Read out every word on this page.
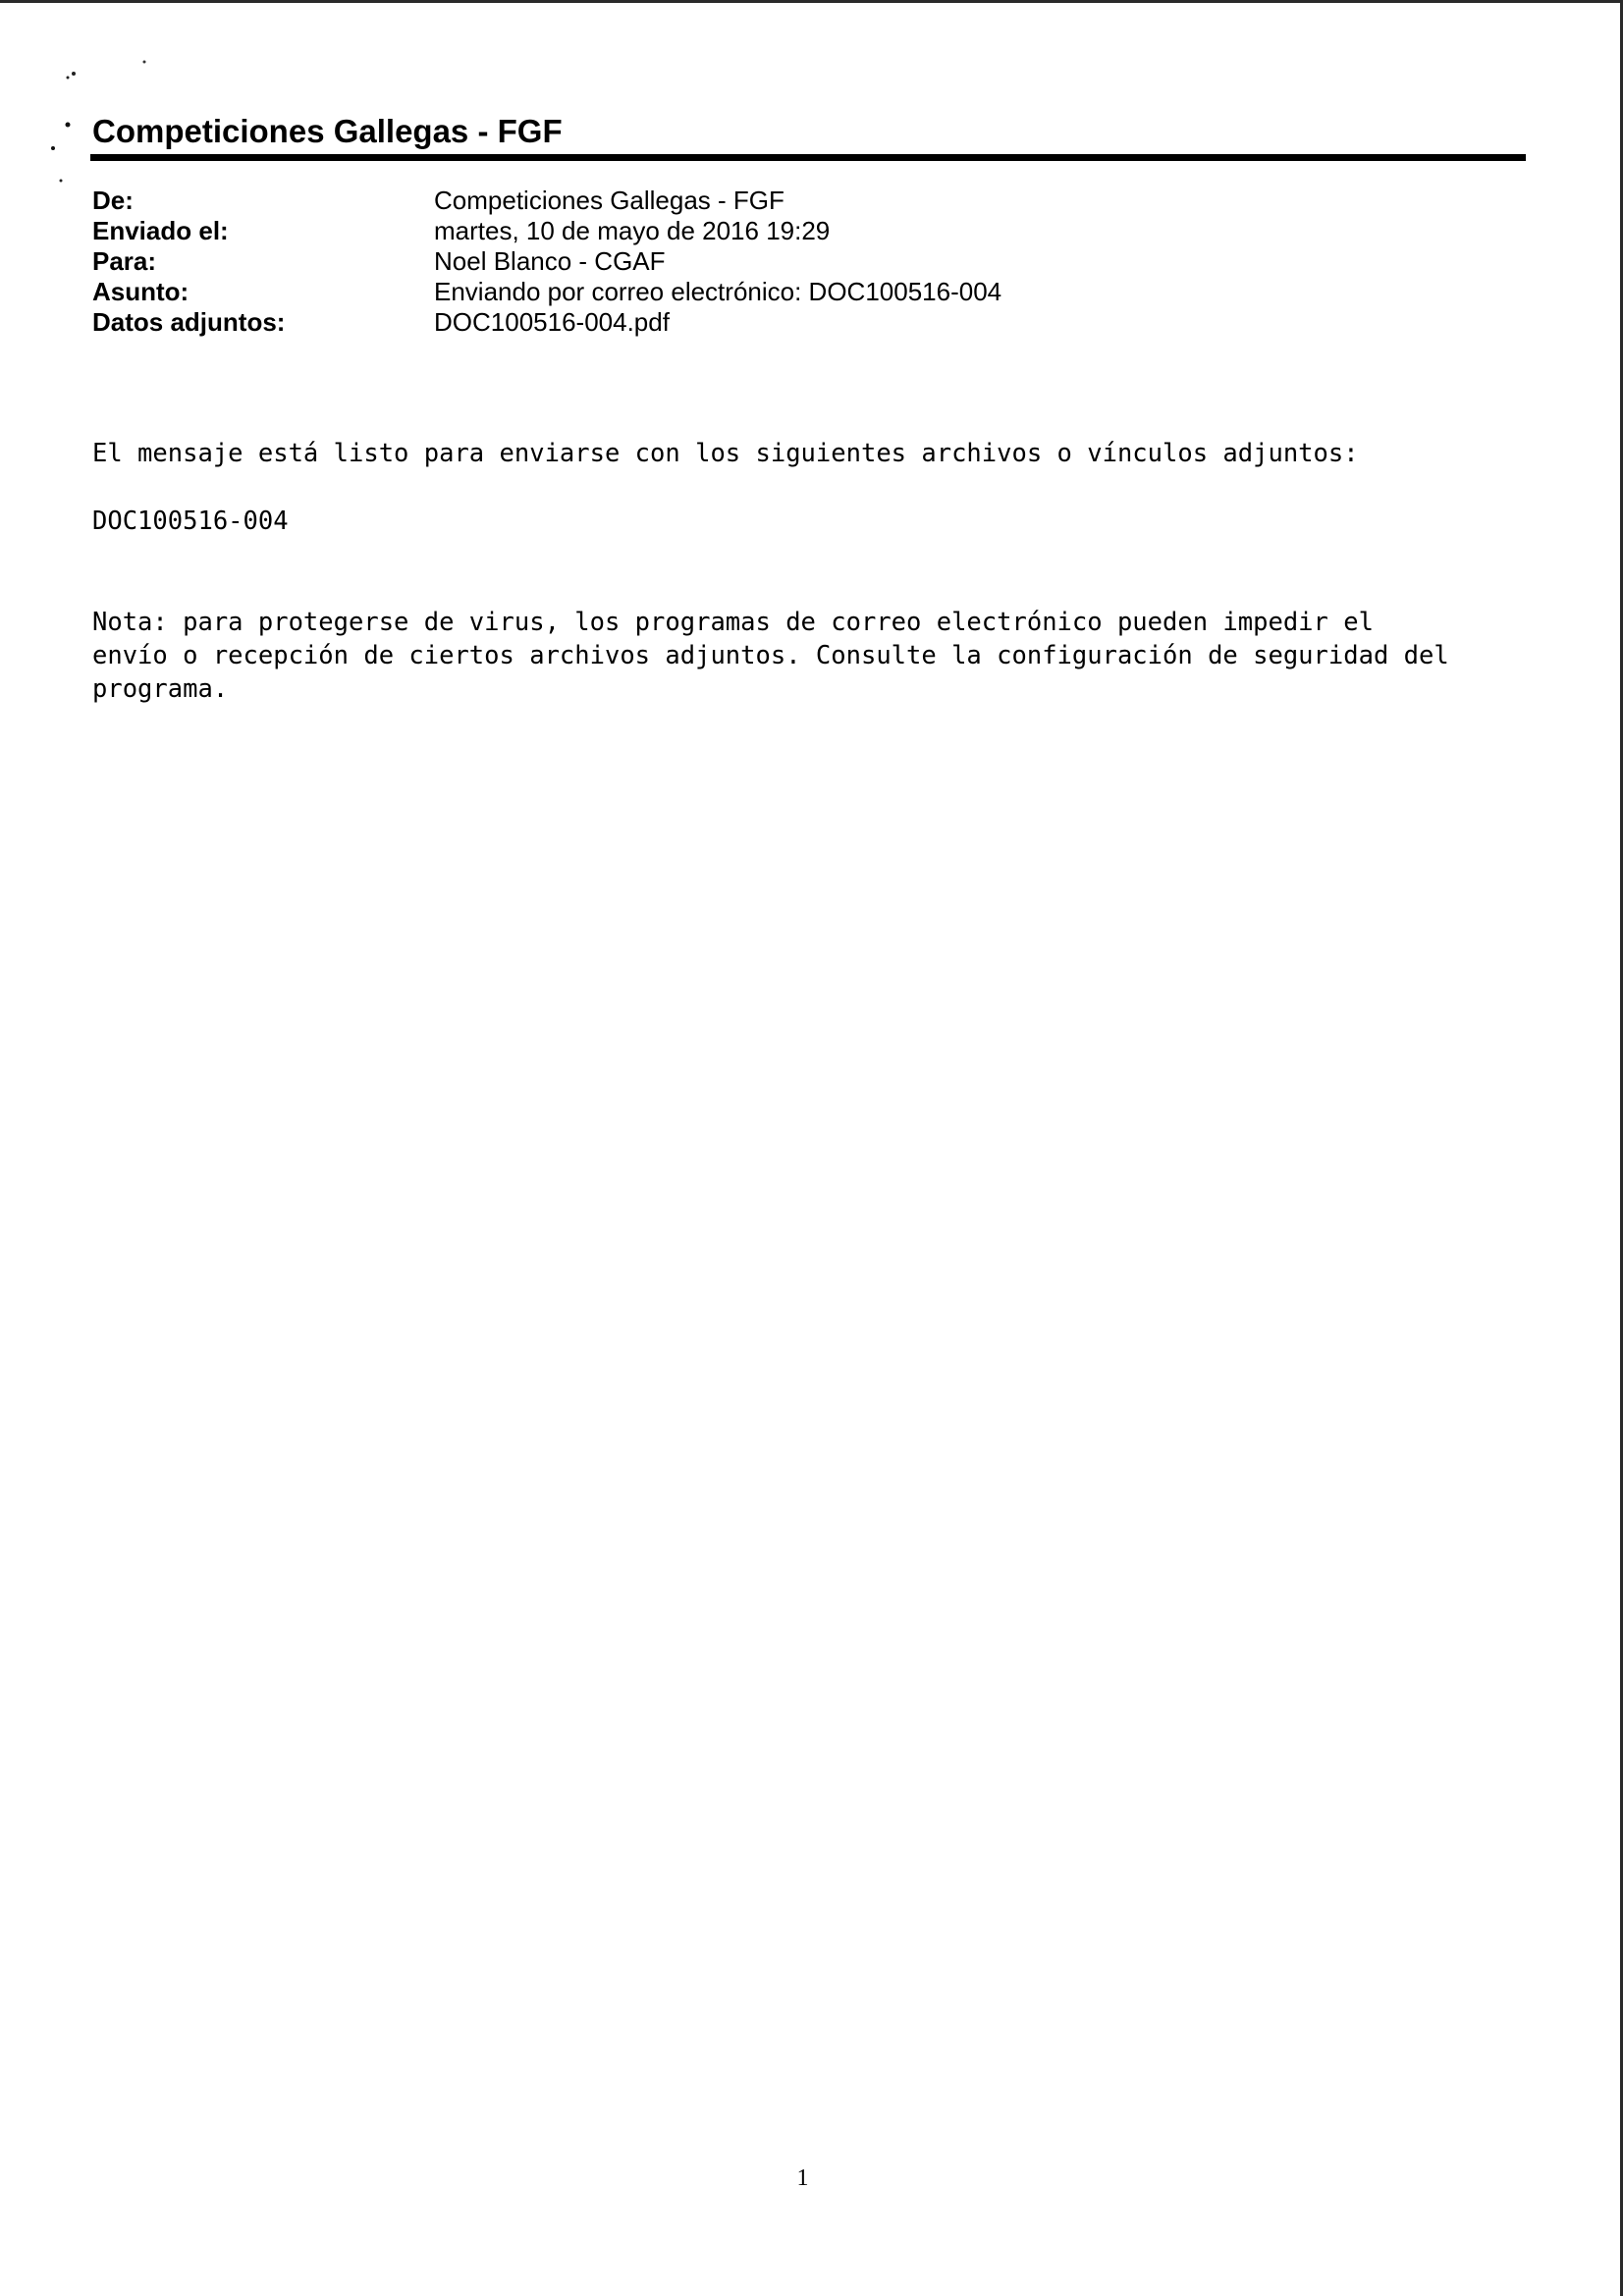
Competiciones Gallegas - FGF
De:	Competiciones Gallegas - FGF
Enviado el:	martes, 10 de mayo de 2016 19:29
Para:	Noel Blanco - CGAF
Asunto:	Enviando por correo electrónico: DOC100516-004
Datos adjuntos:	DOC100516-004.pdf
El mensaje está listo para enviarse con los siguientes archivos o vínculos adjuntos:
DOC100516-004
Nota: para protegerse de virus, los programas de correo electrónico pueden impedir el
envío o recepción de ciertos archivos adjuntos. Consulte la configuración de seguridad del
programa.
1
